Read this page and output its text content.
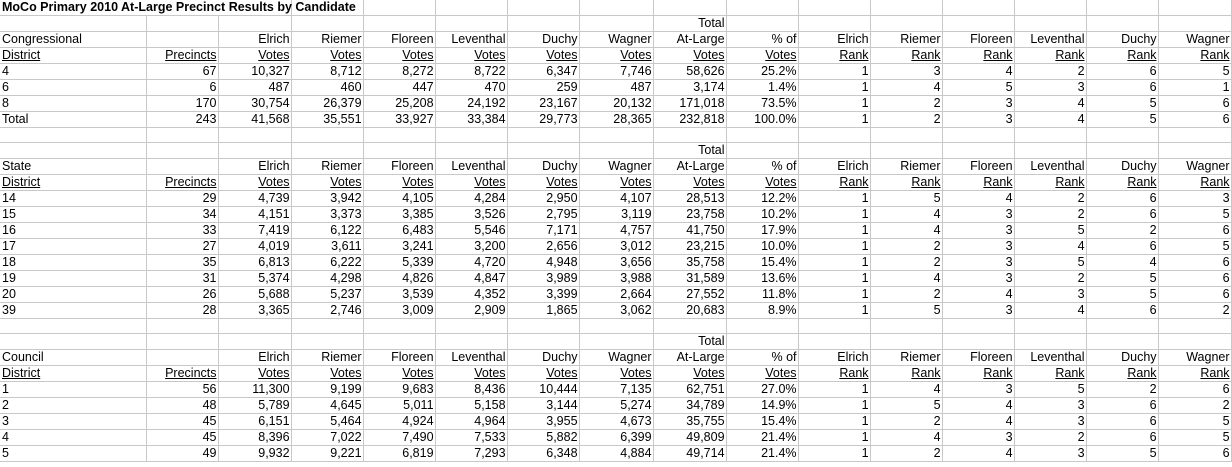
MoCo Primary 2010 At-Large Precinct Results by Candidate															
								Total							
Congressional		Elrich	Riemer	Floreen	Leventhal	Duchy	Wagner	At-Large	% of	Elrich	Riemer	Floreen	Leventhal	Duchy	Wagner
District	Precincts	Votes	Votes	Votes	Votes	Votes	Votes	Votes	Votes	Rank	Rank	Rank	Rank	Rank	Rank
4	67	10,327	8,712	8,272	8,722	6,347	7,746	58,626	25.2%	1	3	4	2	6	5
6	6	487	460	447	470	259	487	3,174	1.4%	1	4	5	3	6	1
8	170	30,754	26,379	25,208	24,192	23,167	20,132	171,018	73.5%	1	2	3	4	5	6
Total	243	41,568	35,551	33,927	33,384	29,773	28,365	232,818	100.0%	1	2	3	4	5	6

								Total							
State		Elrich	Riemer	Floreen	Leventhal	Duchy	Wagner	At-Large	% of	Elrich	Riemer	Floreen	Leventhal	Duchy	Wagner
District	Precincts	Votes	Votes	Votes	Votes	Votes	Votes	Votes	Votes	Rank	Rank	Rank	Rank	Rank	Rank
14	29	4,739	3,942	4,105	4,284	2,950	4,107	28,513	12.2%	1	5	4	2	6	3
15	34	4,151	3,373	3,385	3,526	2,795	3,119	23,758	10.2%	1	4	3	2	6	5
16	33	7,419	6,122	6,483	5,546	7,171	4,757	41,750	17.9%	1	4	3	5	2	6
17	27	4,019	3,611	3,241	3,200	2,656	3,012	23,215	10.0%	1	2	3	4	6	5
18	35	6,813	6,222	5,339	4,720	4,948	3,656	35,758	15.4%	1	2	3	5	4	6
19	31	5,374	4,298	4,826	4,847	3,989	3,988	31,589	13.6%	1	4	3	2	5	6
20	26	5,688	5,237	3,539	4,352	3,399	2,664	27,552	11.8%	1	2	4	3	5	6
39	28	3,365	2,746	3,009	2,909	1,865	3,062	20,683	8.9%	1	5	3	4	6	2

								Total							
Council		Elrich	Riemer	Floreen	Leventhal	Duchy	Wagner	At-Large	% of	Elrich	Riemer	Floreen	Leventhal	Duchy	Wagner
District	Precincts	Votes	Votes	Votes	Votes	Votes	Votes	Votes	Votes	Rank	Rank	Rank	Rank	Rank	Rank
1	56	11,300	9,199	9,683	8,436	10,444	7,135	62,751	27.0%	1	4	3	5	2	6
2	48	5,789	4,645	5,011	5,158	3,144	5,274	34,789	14.9%	1	5	4	3	6	2
3	45	6,151	5,464	4,924	4,964	3,955	4,673	35,755	15.4%	1	2	4	3	6	5
4	45	8,396	7,022	7,490	7,533	5,882	6,399	49,809	21.4%	1	4	3	2	6	5
5	49	9,932	9,221	6,819	7,293	6,348	4,884	49,714	21.4%	1	2	4	3	5	6
